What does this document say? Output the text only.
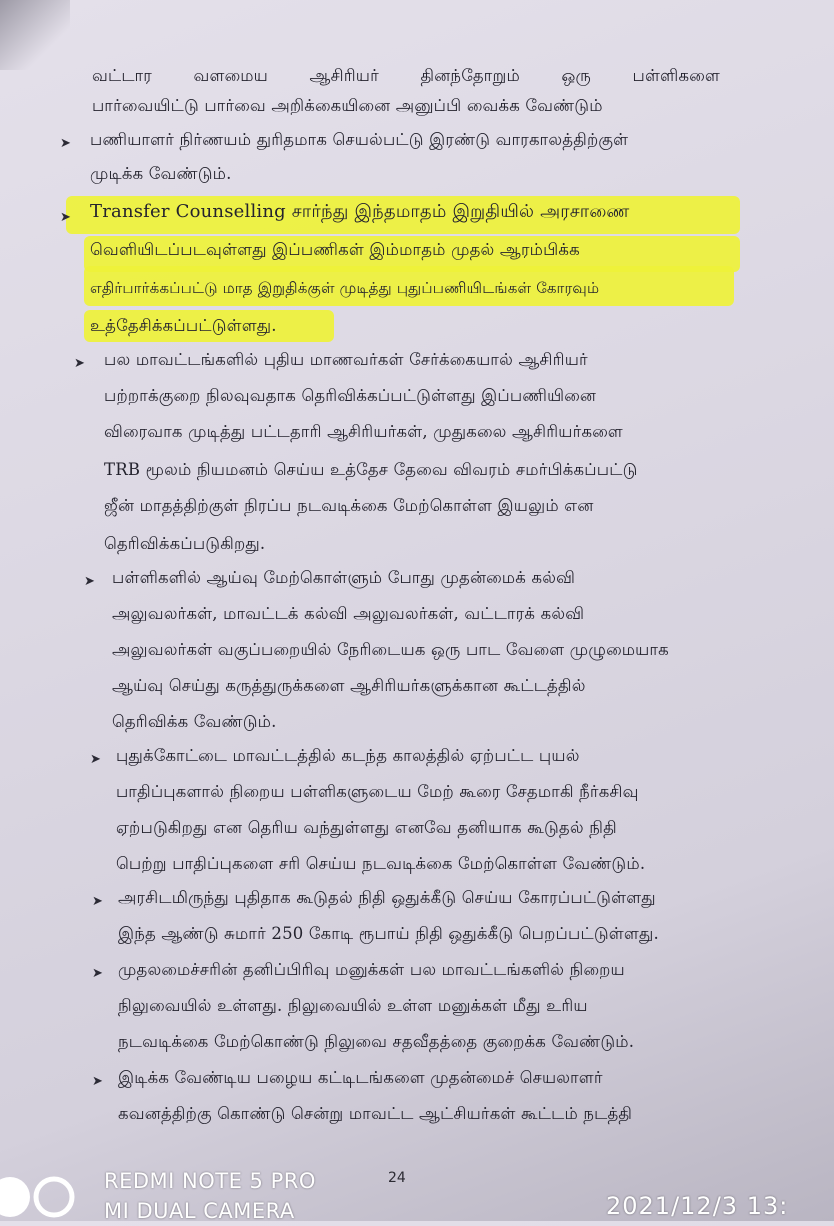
வட்டார	வளமைய	ஆசிரியர்	தினந்தோறும்	ஒரு	பள்ளிகளை
பார்வையிட்டு பார்வை அறிக்கையினை அனுப்பி வைக்க வேண்டும்
➤ பணியாளர் நிர்ணயம் துரிதமாக செயல்பட்டு இரண்டு வாரகாலத்திற்குள்
முடிக்க வேண்டும்.
➤ Transfer Counselling சார்ந்து இந்தமாதம் இறுதியில் அரசாணை
வெளியிடப்படவுள்ளது இப்பணிகள் இம்மாதம் முதல் ஆரம்பிக்க
எதிர்பார்க்கப்பட்டு மாத இறுதிக்குள் முடித்து புதுப்பணியிடங்கள் கோரவும்
உத்தேசிக்கப்பட்டுள்ளது.
➤ பல மாவட்டங்களில் புதிய மாணவர்கள் சேர்க்கையால் ஆசிரியர்
பற்றாக்குறை நிலவுவதாக தெரிவிக்கப்பட்டுள்ளது இப்பணியினை
விரைவாக முடித்து பட்டதாரி ஆசிரியர்கள், முதுகலை ஆசிரியர்களை
TRB மூலம் நியமனம் செய்ய உத்தேச தேவை விவரம் சமர்பிக்கப்பட்டு
ஜீன் மாதத்திற்குள் நிரப்ப நடவடிக்கை மேற்கொள்ள இயலும் என
தெரிவிக்கப்படுகிறது.
➤ பள்ளிகளில் ஆய்வு மேற்கொள்ளும் போது முதன்மைக் கல்வி
அலுவலர்கள், மாவட்டக் கல்வி அலுவலர்கள், வட்டாரக் கல்வி
அலுவலர்கள் வகுப்பறையில் நேரிடையக ஒரு பாட வேளை முழுமையாக
ஆய்வு செய்து கருத்துருக்களை ஆசிரியர்களுக்கான கூட்டத்தில்
தெரிவிக்க வேண்டும்.
➤ புதுக்கோட்டை மாவட்டத்தில் கடந்த காலத்தில் ஏற்பட்ட புயல்
பாதிப்புகளால் நிறைய பள்ளிகளுடைய மேற் கூரை சேதமாகி நீர்கசிவு
ஏற்படுகிறது என தெரிய வந்துள்ளது எனவே தனியாக கூடுதல் நிதி
பெற்று பாதிப்புகளை சரி செய்ய நடவடிக்கை மேற்கொள்ள வேண்டும்.
➤ அரசிடமிருந்து புதிதாக கூடுதல் நிதி ஒதுக்கீடு செய்ய கோரப்பட்டுள்ளது
இந்த ஆண்டு சுமார் 250 கோடி ரூபாய் நிதி ஒதுக்கீடு பெறப்பட்டுள்ளது.
➤ முதலமைச்சரின் தனிப்பிரிவு மனுக்கள் பல மாவட்டங்களில் நிறைய
நிலுவையில் உள்ளது. நிலுவையில் உள்ள மனுக்கள் மீது உரிய
நடவடிக்கை மேற்கொண்டு நிலுவை சதவீதத்தை குறைக்க வேண்டும்.
➤ இடிக்க வேண்டிய பழைய கட்டிடங்களை முதன்மைச் செயலாளர்
கவனத்திற்கு கொண்டு சென்று மாவட்ட ஆட்சியர்கள் கூட்டம் நடத்தி
24
REDMI NOTE 5 PRO
MI DUAL CAMERA	2021/12/3 13:
